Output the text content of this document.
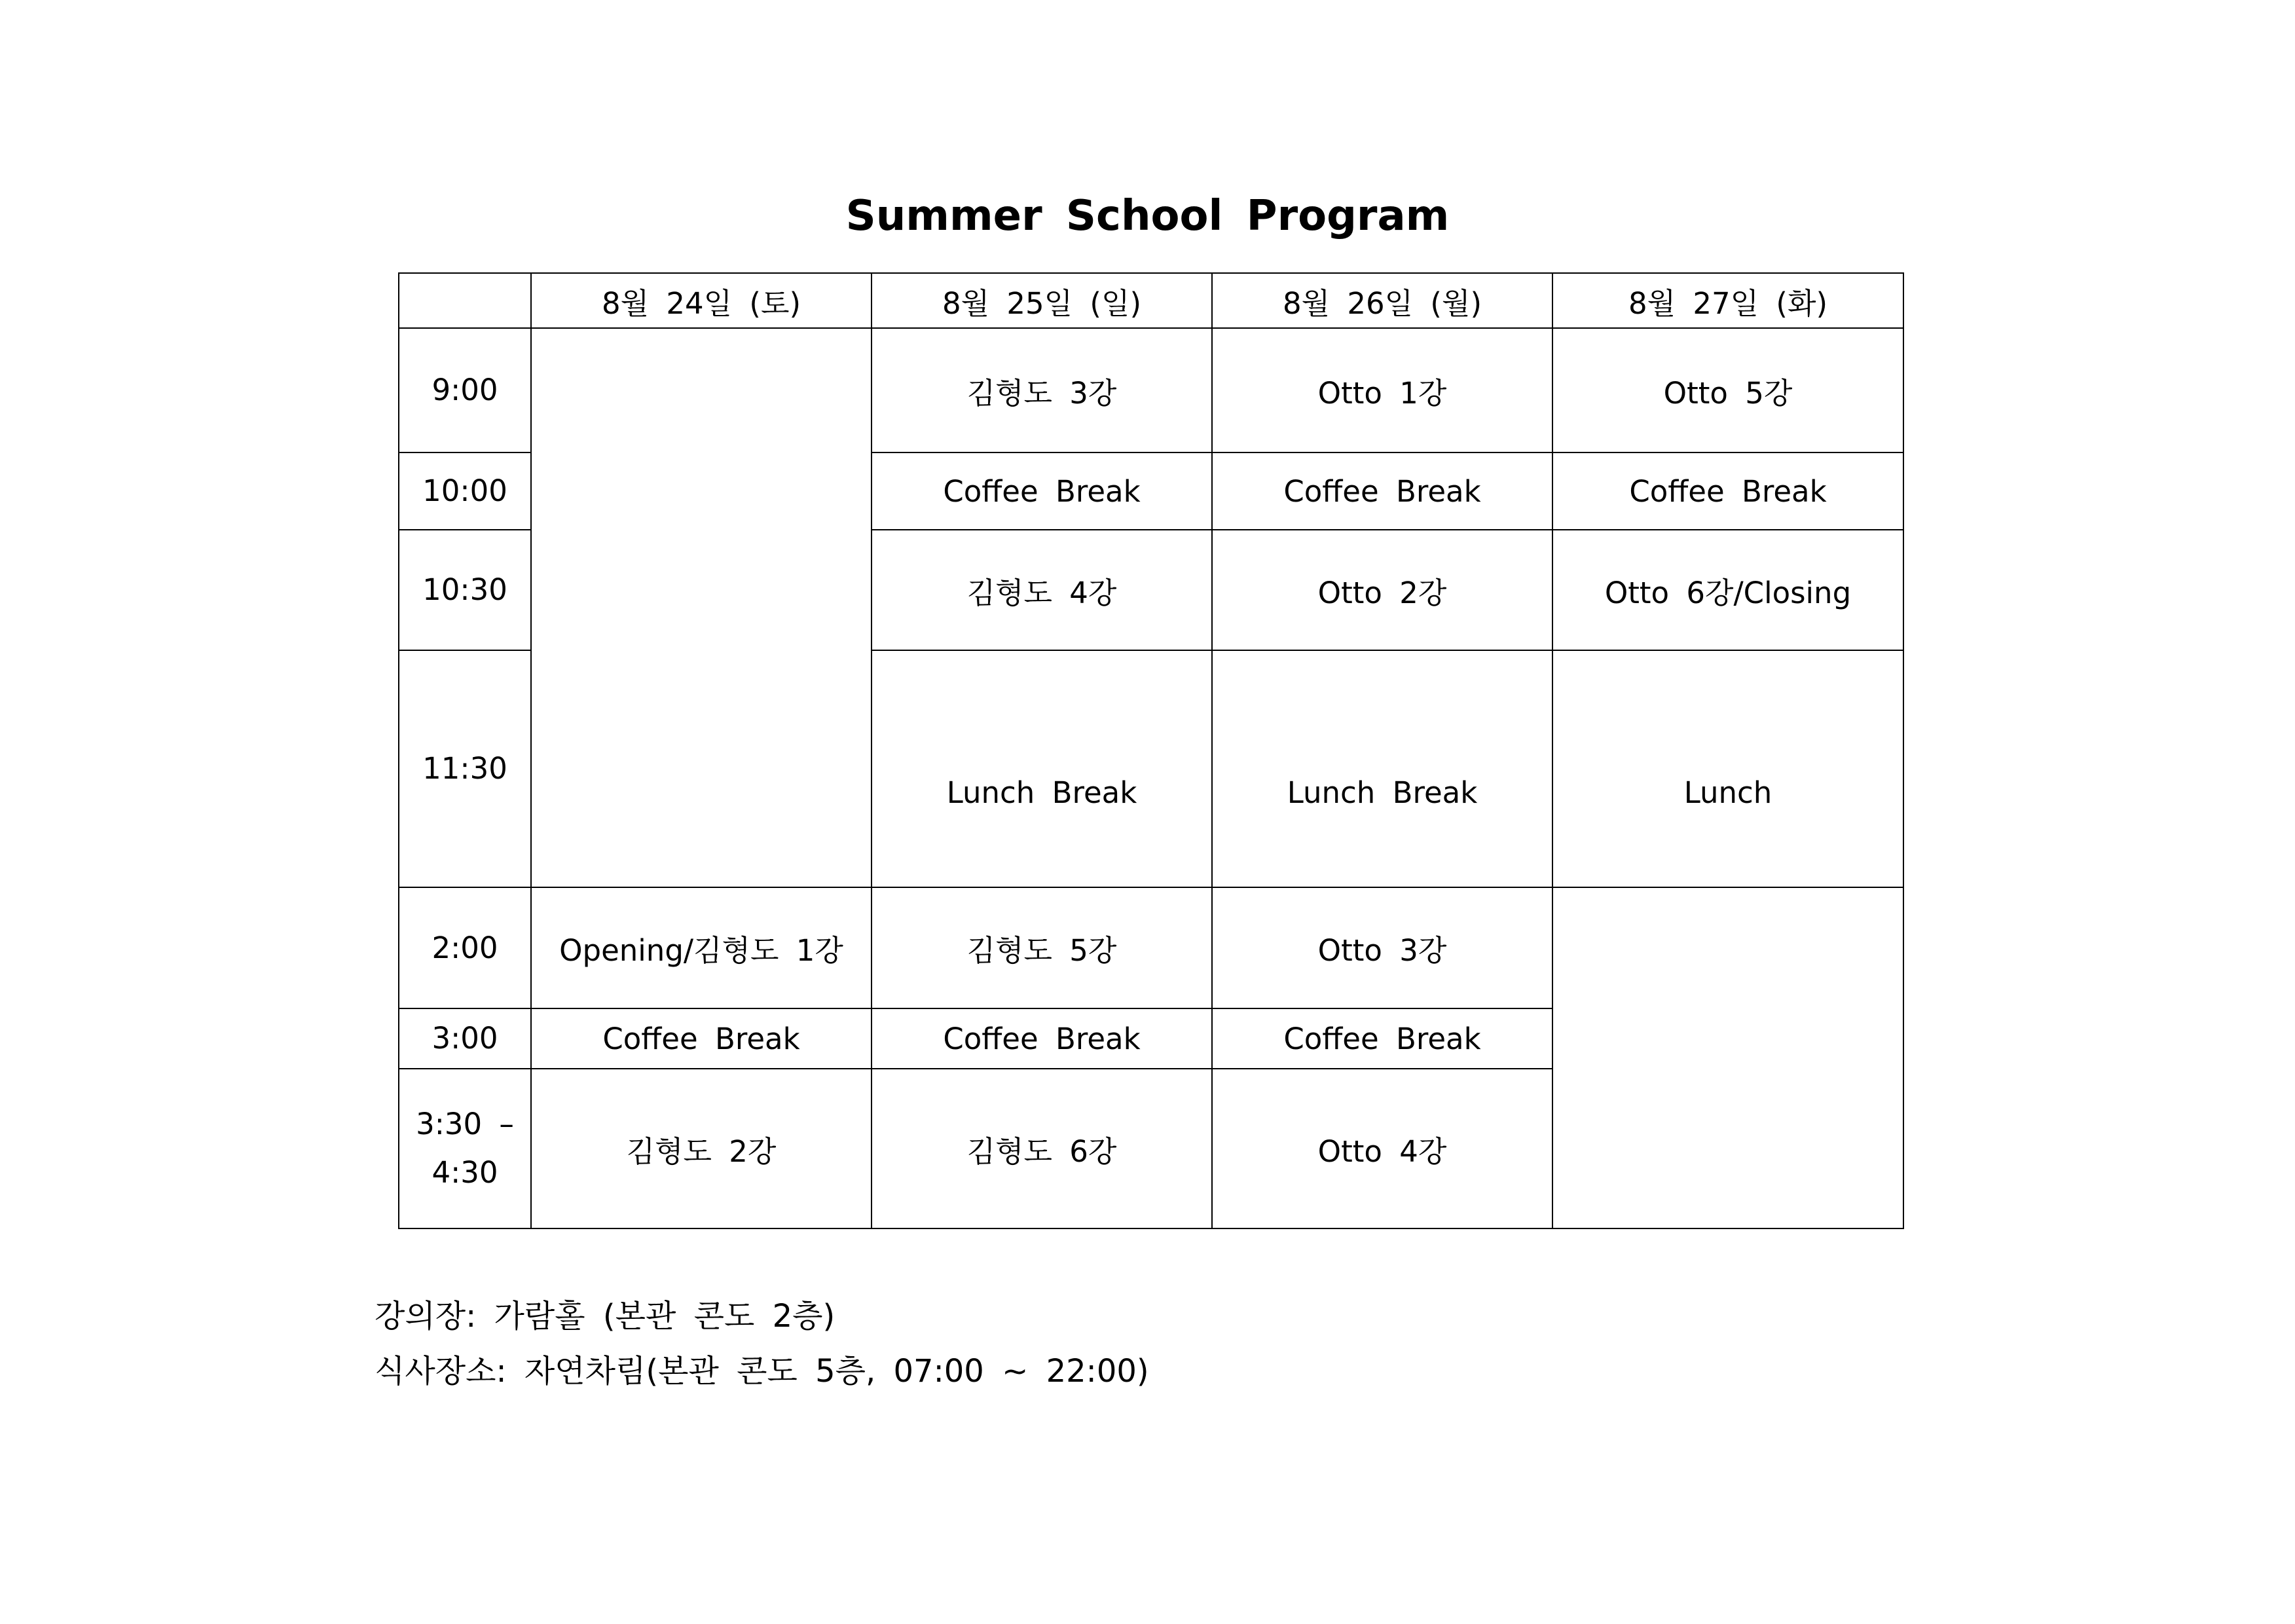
Summer School Program
	8월 24일 (토)	8월 25일 (일)	8월 26일 (월)	8월 27일 (화)
9:00		김형도 3강	Otto 1강	Otto 5강
10:00		Coffee Break	Coffee Break	Coffee Break
10:30		김형도 4강	Otto 2강	Otto 6강/Closing
11:30		Lunch Break	Lunch Break	Lunch
2:00	Opening/김형도 1강	김형도 5강	Otto 3강	
3:00	Coffee Break	Coffee Break	Coffee Break	
3:30 – 4:30	김형도 2강	김형도 6강	Otto 4강	
강의장: 가람홀 (본관 콘도 2층)
식사장소: 자연차림(본관 콘도 5층, 07:00 ~ 22:00)
